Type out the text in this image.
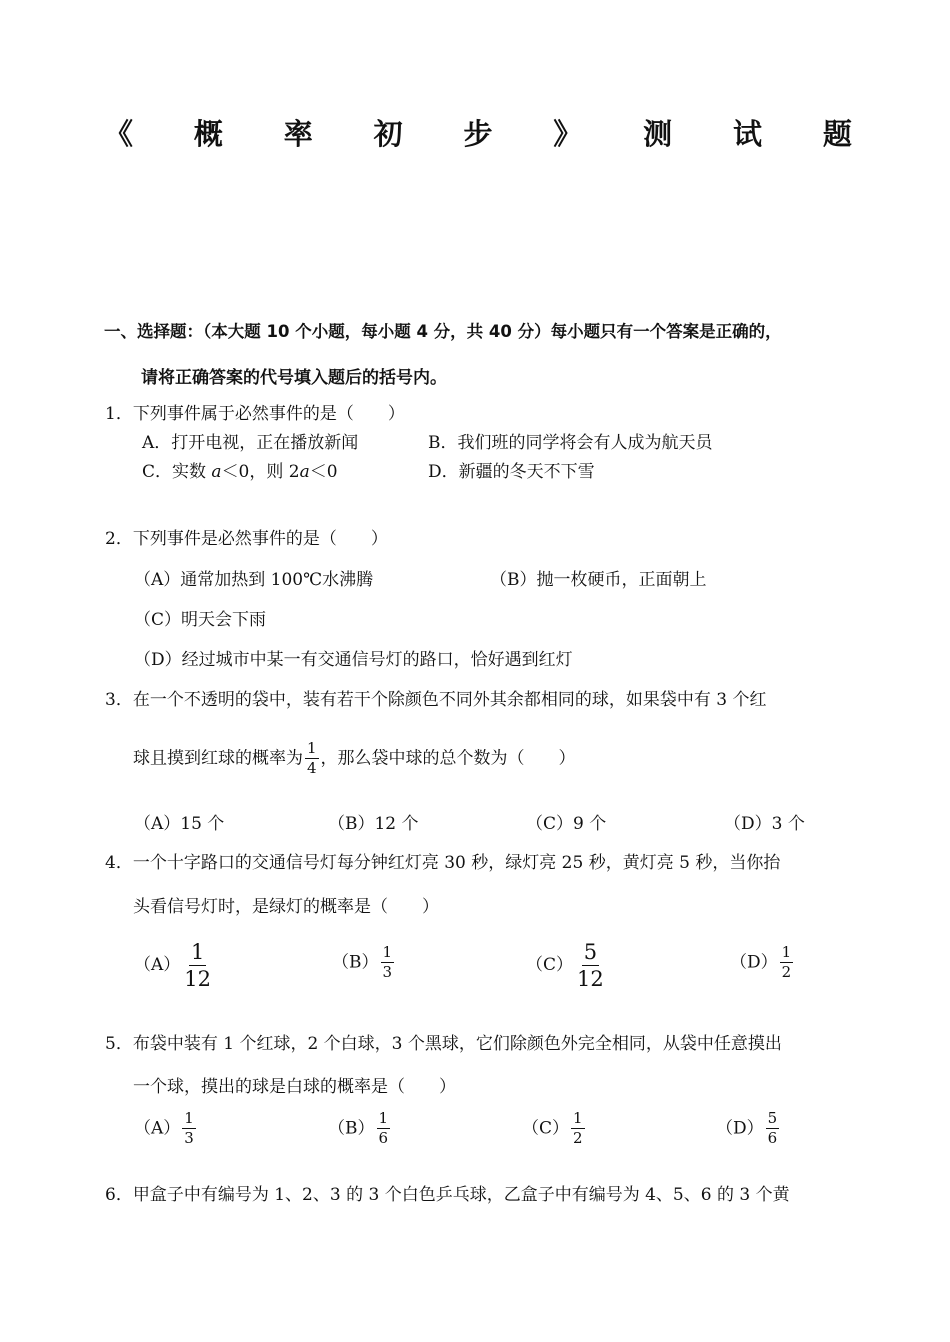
《 概 率 初 步 》 测 试 题
一、选择题：（本大题 10 个小题，每小题 4 分，共 40 分）每小题只有一个答案是正确的，
请将正确答案的代号填入题后的括号内。
1．下列事件属于必然事件的是（　　）
A．打开电视，正在播放新闻	B．我们班的同学将会有人成为航天员
C．实数 a＜0，则 2a＜0	D．新疆的冬天不下雪
2．下列事件是必然事件的是（　　）
（A）通常加热到 100℃水沸腾	（B）抛一枚硬币，正面朝上
（C）明天会下雨
（D）经过城市中某一有交通信号灯的路口，恰好遇到红灯
3．在一个不透明的袋中，装有若干个除颜色不同外其余都相同的球，如果袋中有 3 个红
球且摸到红球的概率为 $\frac{1}{4}$ ，那么袋中球的总个数为（　　）
（A）15 个	（B）12 个	（C）9 个	（D）3 个
4．一个十字路口的交通信号灯每分钟红灯亮 30 秒，绿灯亮 25 秒，黄灯亮 5 秒，当你抬
头看信号灯时，是绿灯的概率是（　　）
$(A) \frac{1}{12}$	$(B) \frac{1}{3}$	$(C) \frac{5}{12}$	$(D) \frac{1}{2}$
5．布袋中装有 1 个红球，2 个白球，3 个黑球，它们除颜色外完全相同，从袋中任意摸出
一个球，摸出的球是白球的概率是（　　）
$(A) \frac{1}{3}$	$(B) \frac{1}{6}$	$(C) \frac{1}{2}$	$(D) \frac{5}{6}$
6．甲盒子中有编号为 1、2、3 的 3 个白色乒乓球，乙盒子中有编号为 4、5、6 的 3 个黄
